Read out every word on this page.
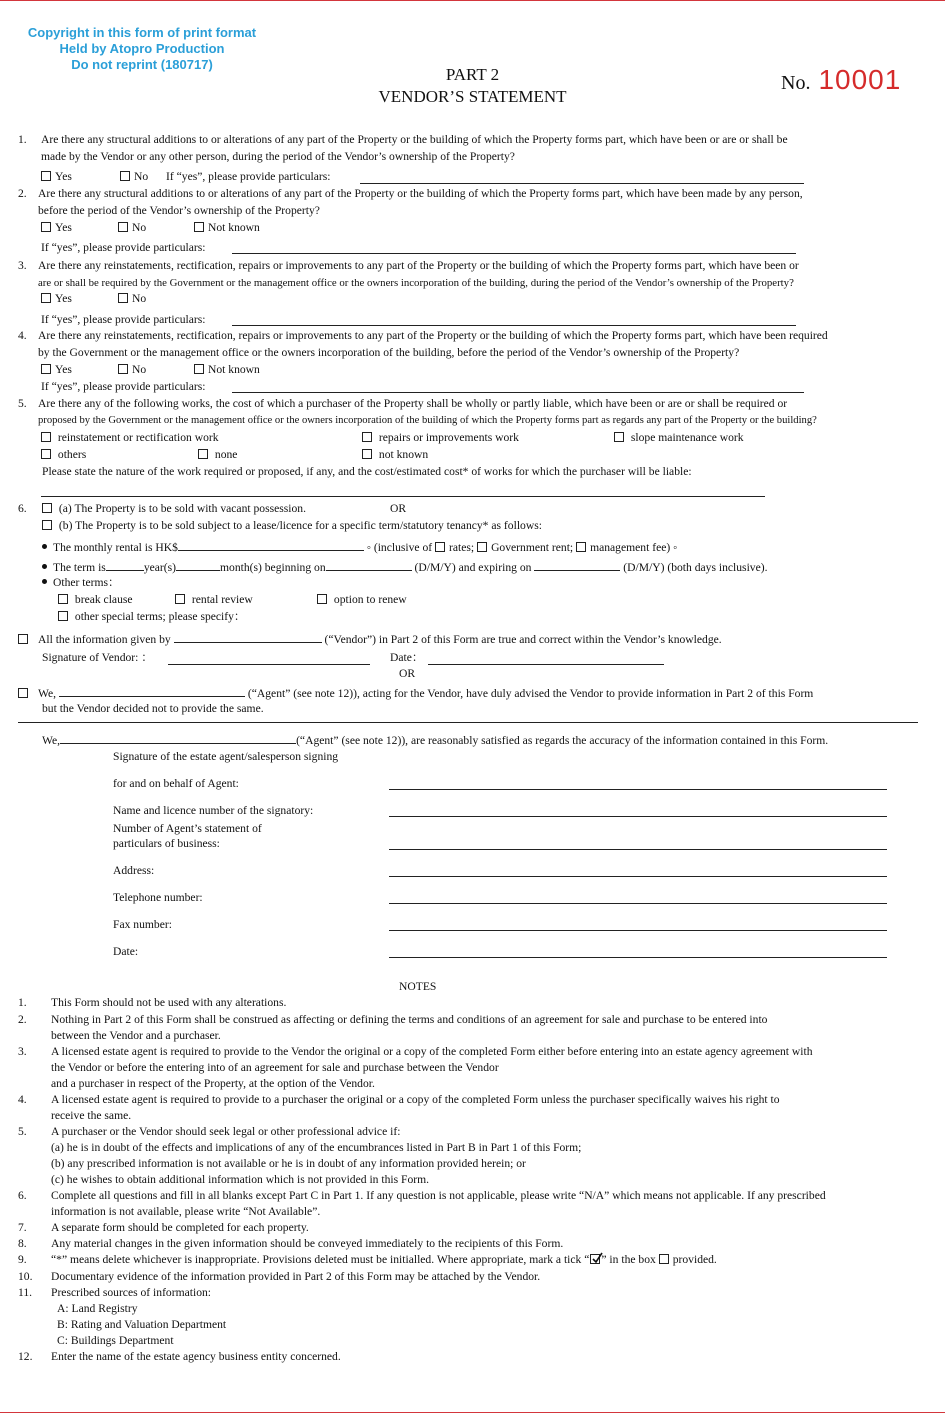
Copyright in this form of print format
Held by Atopro Production
Do not reprint (180717)
PART 2
VENDOR’S STATEMENT
No. 10001
1. Are there any structural additions to or alterations of any part of the Property or the building of which the Property forms part, which have been or are or shall be
made by the Vendor or any other person, during the period of the Vendor’s ownership of the Property?
Yes	No If “yes”, please provide particulars:
2. Are there any structural additions to or alterations of any part of the Property or the building of which the Property forms part, which have been made by any person,
before the period of the Vendor’s ownership of the Property?
Yes	No	Not known
If “yes”, please provide particulars:
3. Are there any reinstatements, rectification, repairs or improvements to any part of the Property or the building of which the Property forms part, which have been or
are or shall be required by the Government or the management office or the owners incorporation of the building, during the period of the Vendor’s ownership of the Property?
Yes	No
If “yes”, please provide particulars:
4. Are there any reinstatements, rectification, repairs or improvements to any part of the Property or the building of which the Property forms part, which have been required
by the Government or the management office or the owners incorporation of the building, before the period of the Vendor’s ownership of the Property?
Yes	No	Not known
If “yes”, please provide particulars:
5. Are there any of the following works, the cost of which a purchaser of the Property shall be wholly or partly liable, which have been or are or shall be required or
proposed by the Government or the management office or the owners incorporation of the building of which the Property forms part as regards any part of the Property or the building?
reinstatement or rectification work	repairs or improvements work	slope maintenance work
others	none	not known
Please state the nature of the work required or proposed, if any, and the cost/estimated cost* of works for which the purchaser will be liable:
6.	(a) The Property is to be sold with vacant possession.	OR
(b) The Property is to be sold subject to a lease/licence for a specific term/statutory tenancy* as follows:
The monthly rental is HK$	◦ (inclusive of rates; Government rent; management fee) ◦
The term is	year(s)	month(s) beginning on	(D/M/Y) and expiring on	(D/M/Y) (both days inclusive).
Other terms：
break clause	rental review	option to renew
other special terms; please specify：
All the information given by	(“Vendor”) in Part 2 of this Form are true and correct within the Vendor’s knowledge.
Signature of Vendor: ：	Date：
OR
We,	(“Agent” (see note 12)), acting for the Vendor, have duly advised the Vendor to provide information in Part 2 of this Form
but the Vendor decided not to provide the same.
We,	(“Agent” (see note 12)), are reasonably satisfied as regards the accuracy of the information contained in this Form.
Signature of the estate agent/salesperson signing
for and on behalf of Agent:
Name and licence number of the signatory:
Number of Agent’s statement of
particulars of business:
Address:
Telephone number:
Fax number:
Date:
NOTES
1. This Form should not be used with any alterations.
2. Nothing in Part 2 of this Form shall be construed as affecting or defining the terms and conditions of an agreement for sale and purchase to be entered into
between the Vendor and a purchaser.
3. A licensed estate agent is required to provide to the Vendor the original or a copy of the completed Form either before entering into an estate agency agreement with
the Vendor or before the entering into of an agreement for sale and purchase between the Vendor
and a purchaser in respect of the Property, at the option of the Vendor.
4. A licensed estate agent is required to provide to a purchaser the original or a copy of the completed Form unless the purchaser specifically waives his right to
receive the same.
5. A purchaser or the Vendor should seek legal or other professional advice if:
(a) he is in doubt of the effects and implications of any of the encumbrances listed in Part B in Part 1 of this Form;
(b) any prescribed information is not available or he is in doubt of any information provided herein; or
(c) he wishes to obtain additional information which is not provided in this Form.
6. Complete all questions and fill in all blanks except Part C in Part 1. If any question is not applicable, please write “N/A” which means not applicable. If any prescribed
information is not available, please write “Not Available”.
7. A separate form should be completed for each property.
8. Any material changes in the given information should be conveyed immediately to the recipients of this Form.
9. “*” means delete whichever is inappropriate. Provisions deleted must be initialled. Where appropriate, mark a tick “ ” in the box provided.
10. Documentary evidence of the information provided in Part 2 of this Form may be attached by the Vendor.
11. Prescribed sources of information:
A: Land Registry
B: Rating and Valuation Department
C: Buildings Department
12. Enter the name of the estate agency business entity concerned.
